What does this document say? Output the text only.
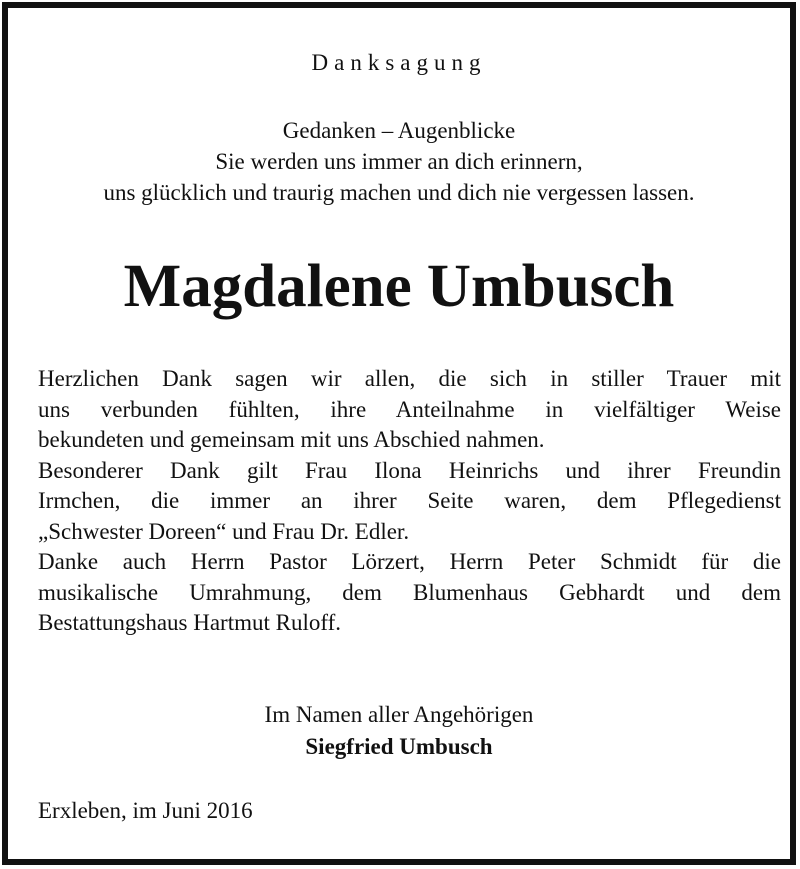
Danksagung
Gedanken – Augenblicke
Sie werden uns immer an dich erinnern,
uns glücklich und traurig machen und dich nie vergessen lassen.
Magdalene Umbusch
Herzlichen Dank sagen wir allen, die sich in stiller Trauer mit
uns verbunden fühlten, ihre Anteilnahme in vielfältiger Weise
bekundeten und gemeinsam mit uns Abschied nahmen.
Besonderer Dank gilt Frau Ilona Heinrichs und ihrer Freundin
Irmchen, die immer an ihrer Seite waren, dem Pflegedienst
„Schwester Doreen“ und Frau Dr. Edler.
Danke auch Herrn Pastor Lörzert, Herrn Peter Schmidt für die
musikalische Umrahmung, dem Blumenhaus Gebhardt und dem
Bestattungshaus Hartmut Ruloff.
Im Namen aller Angehörigen
Siegfried Umbusch
Erxleben, im Juni 2016
